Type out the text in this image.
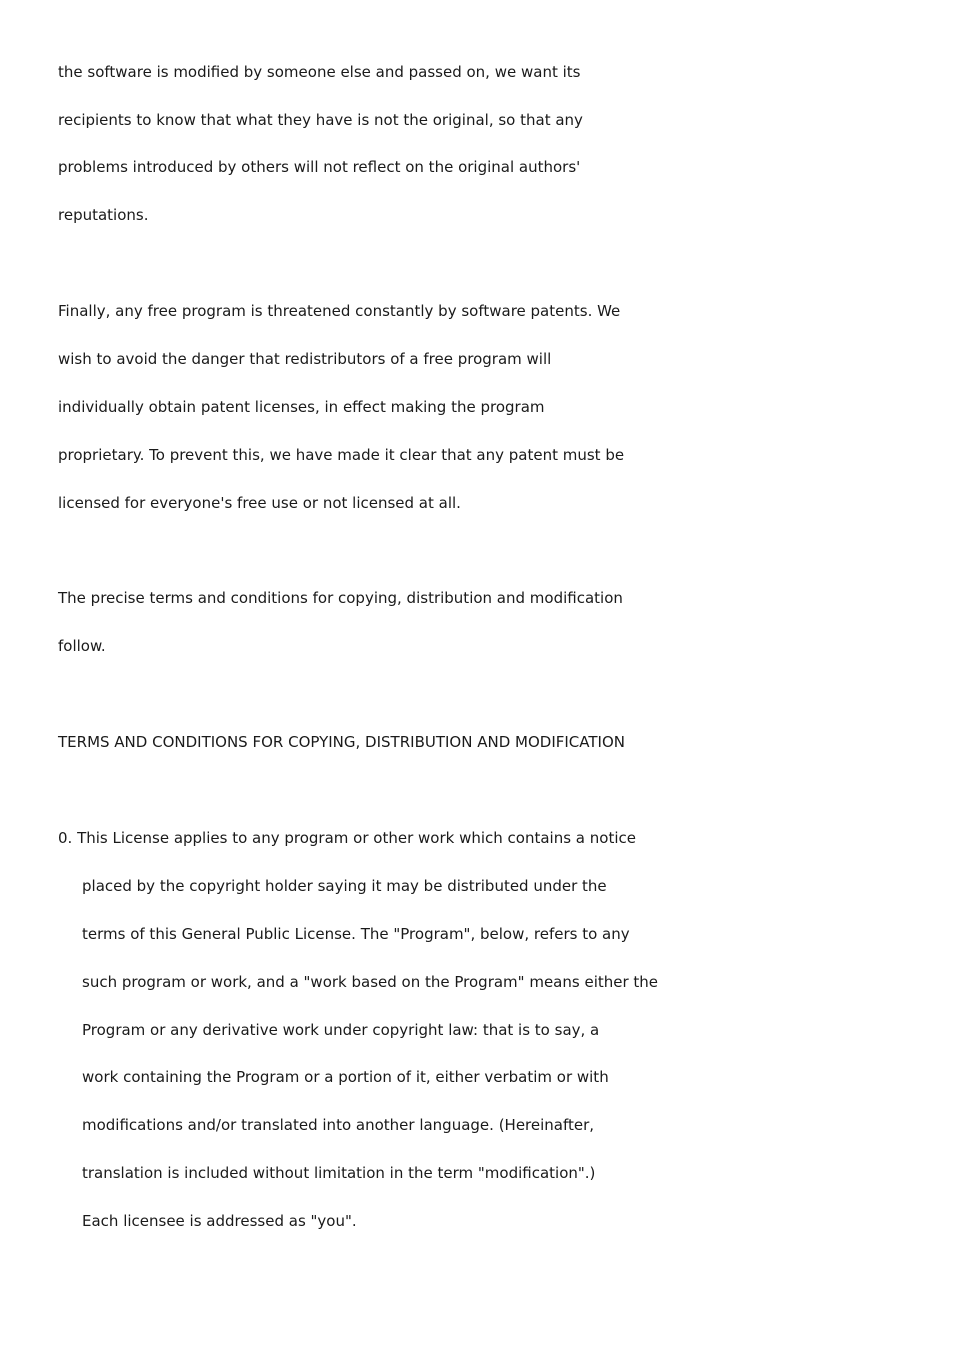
the software is modified by someone else and passed on, we want its
recipients to know that what they have is not the original, so that any
problems introduced by others will not reflect on the original authors'
reputations.
Finally, any free program is threatened constantly by software patents. We
wish to avoid the danger that redistributors of a free program will
individually obtain patent licenses, in effect making the program
proprietary. To prevent this, we have made it clear that any patent must be
licensed for everyone's free use or not licensed at all.
The precise terms and conditions for copying, distribution and modification
follow.
TERMS AND CONDITIONS FOR COPYING, DISTRIBUTION AND MODIFICATION
0. This License applies to any program or other work which contains a notice
placed by the copyright holder saying it may be distributed under the
terms of this General Public License. The "Program", below, refers to any
such program or work, and a "work based on the Program" means either the
Program or any derivative work under copyright law: that is to say, a
work containing the Program or a portion of it, either verbatim or with
modifications and/or translated into another language. (Hereinafter,
translation is included without limitation in the term "modification".)
Each licensee is addressed as "you".
